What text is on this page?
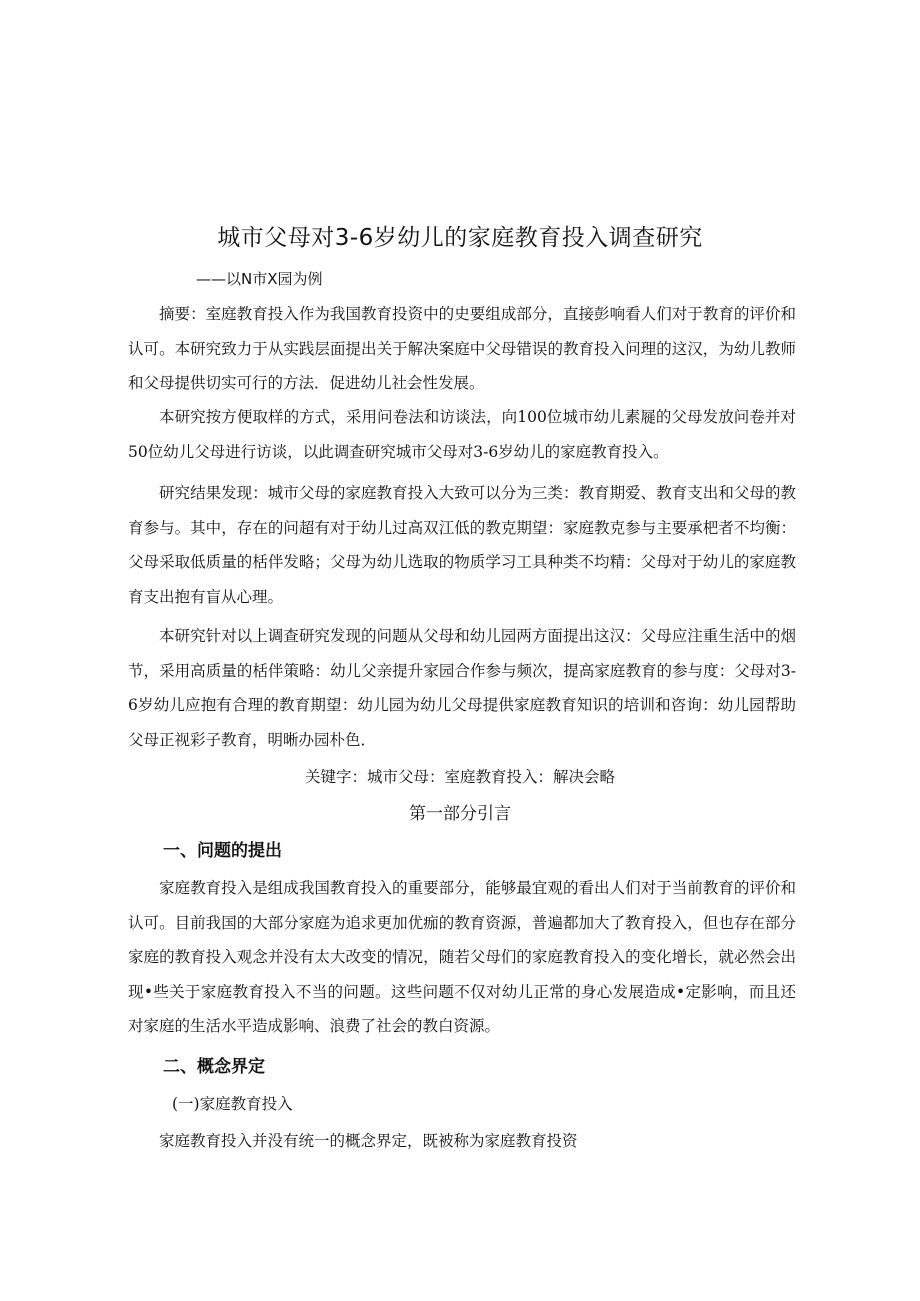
城市父母对3-6岁幼儿的家庭教育投入调查研究
——以N市X园为例

摘要：室庭教育投入作为我国教育投资中的史要组成部分，直接彭响看人们对于教育的评价和认可。本研究致力于从实践层面提出关于解决案庭中父母错误的教育投入问理的这汉，为幼儿教师和父母提供切实可行的方法．促进幼儿社会性发展。

本研究按方便取样的方式，采用问卷法和访谈法，向100位城市幼儿素屣的父母发放问卷并对50位幼儿父母进行访谈，以此调查研究城市父母对3-6岁幼儿的家庭教育投入。

研究结果发现：城市父母的家庭教育投入大致可以分为三类：教育期爱、教育支出和父母的教育参与。其中，存在的问超有对于幼儿过高双江低的教克期望：家庭教克参与主要承杷者不均衡：父母采取低质量的栝伴发略；父母为幼儿选取的物质学习工具种类不均精：父母对于幼儿的家庭教育支出抱有盲从心理。

本研究针对以上调查研究发现的问题从父母和幼儿园两方面提出这汉：父母应注重生活中的烟节，采用高质量的栝伴策略：幼儿父亲提升家园合作参与频次，提高家庭教育的参与度：父母对3-6岁幼儿应抱有合理的教育期望：幼儿园为幼儿父母提供家庭教育知识的培训和咨询：幼儿园帮助父母正视彩子教育，明晰办园朴色．

关键字：城市父母：室庭教育投入：解决会略
第一部分引言
一、问题的提出

家庭教育投入是组成我国教育投入的重要部分，能够最宜观的看出人们对于当前教育的评价和认可。目前我国的大部分家庭为追求更加优痂的教育资源，普遍都加大了教育投入，但也存在部分家庭的教育投入观念并没有太大改变的情况，随若父母们的家庭教育投入的变化增长，就必然会出现•些关于家庭教育投入不当的问题。这些问题不仅对幼儿正常的身心发展造成•定影响，而且还对家庭的生活水平造成影响、浪费了社会的教白资源。

二、概念界定
(一)家庭教育投入

家庭教育投入并没有统一的概念界定，既被称为家庭教育投资
